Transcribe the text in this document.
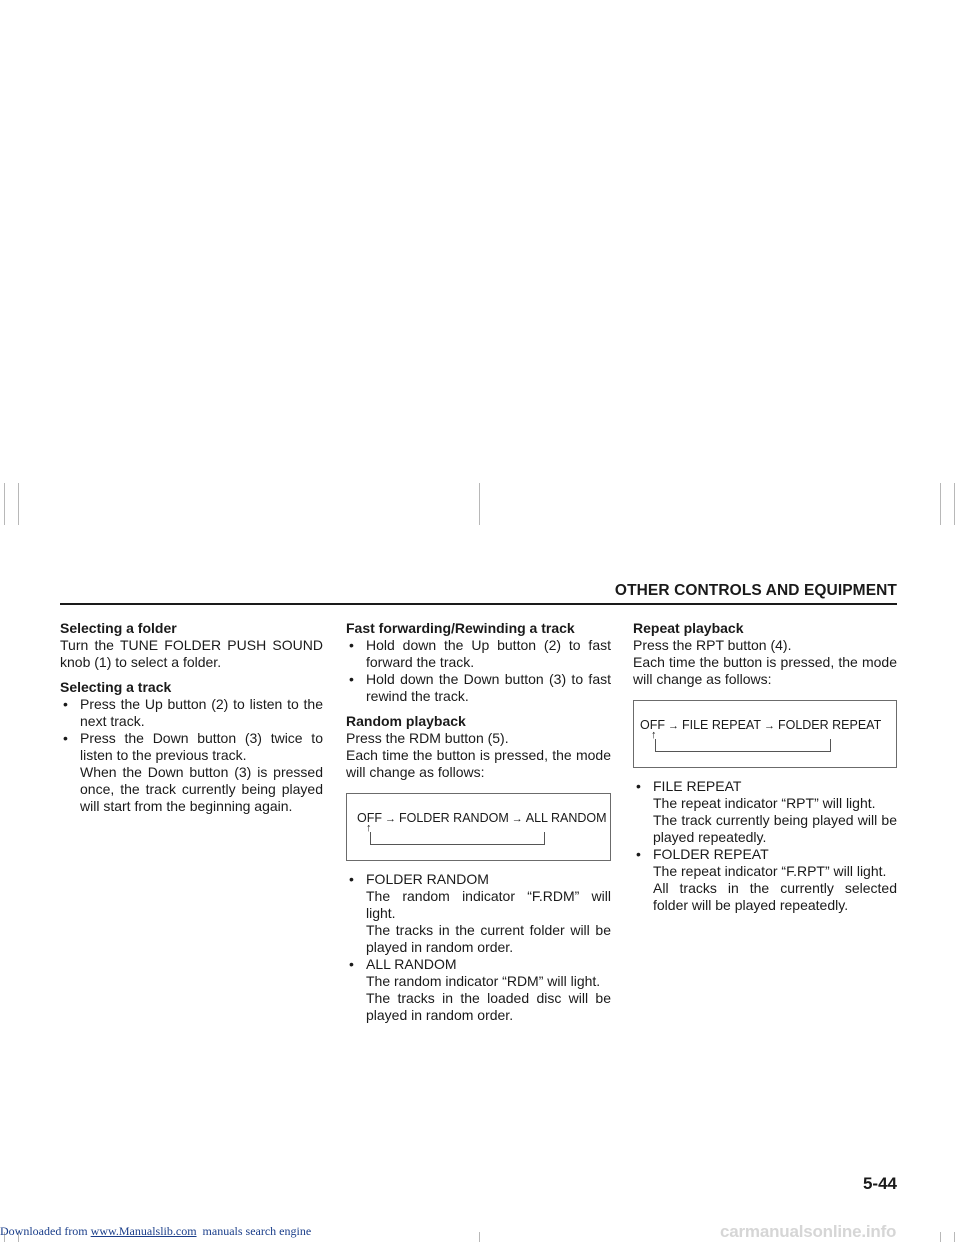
OTHER CONTROLS AND EQUIPMENT

Selecting a folder

Turn the TUNE FOLDER PUSH SOUND knob (1) to select a folder.

Selecting a track

• Press the Up button (2) to listen to the next track.
• Press the Down button (3) twice to listen to the previous track.

When the Down button (3) is pressed once, the track currently being played will start from the beginning again.

Fast forwarding/Rewinding a track

• Hold down the Up button (2) to fast forward the track.
• Hold down the Down button (3) to fast rewind the track.

Random playback

Press the RDM button (5).

Each time the button is pressed, the mode will change as follows:

OFF → FOLDER RANDOM → ALL RANDOM
↑
• FOLDER RANDOM

The random indicator “F.RDM” will light.

The tracks in the current folder will be played in random order.

• ALL RANDOM

The random indicator “RDM” will light.

The tracks in the loaded disc will be played in random order.

Repeat playback

Press the RPT button (4).

Each time the button is pressed, the mode will change as follows:

OFF → FILE REPEAT → FOLDER REPEAT
↑
• FILE REPEAT

The repeat indicator “RPT” will light.

The track currently being played will be played repeatedly.

• FOLDER REPEAT

The repeat indicator “F.RPT” will light.

All tracks in the currently selected folder will be played repeatedly.

5-44
Downloaded from www.Manualslib.com  manuals search engine	carmanualsonline.info
